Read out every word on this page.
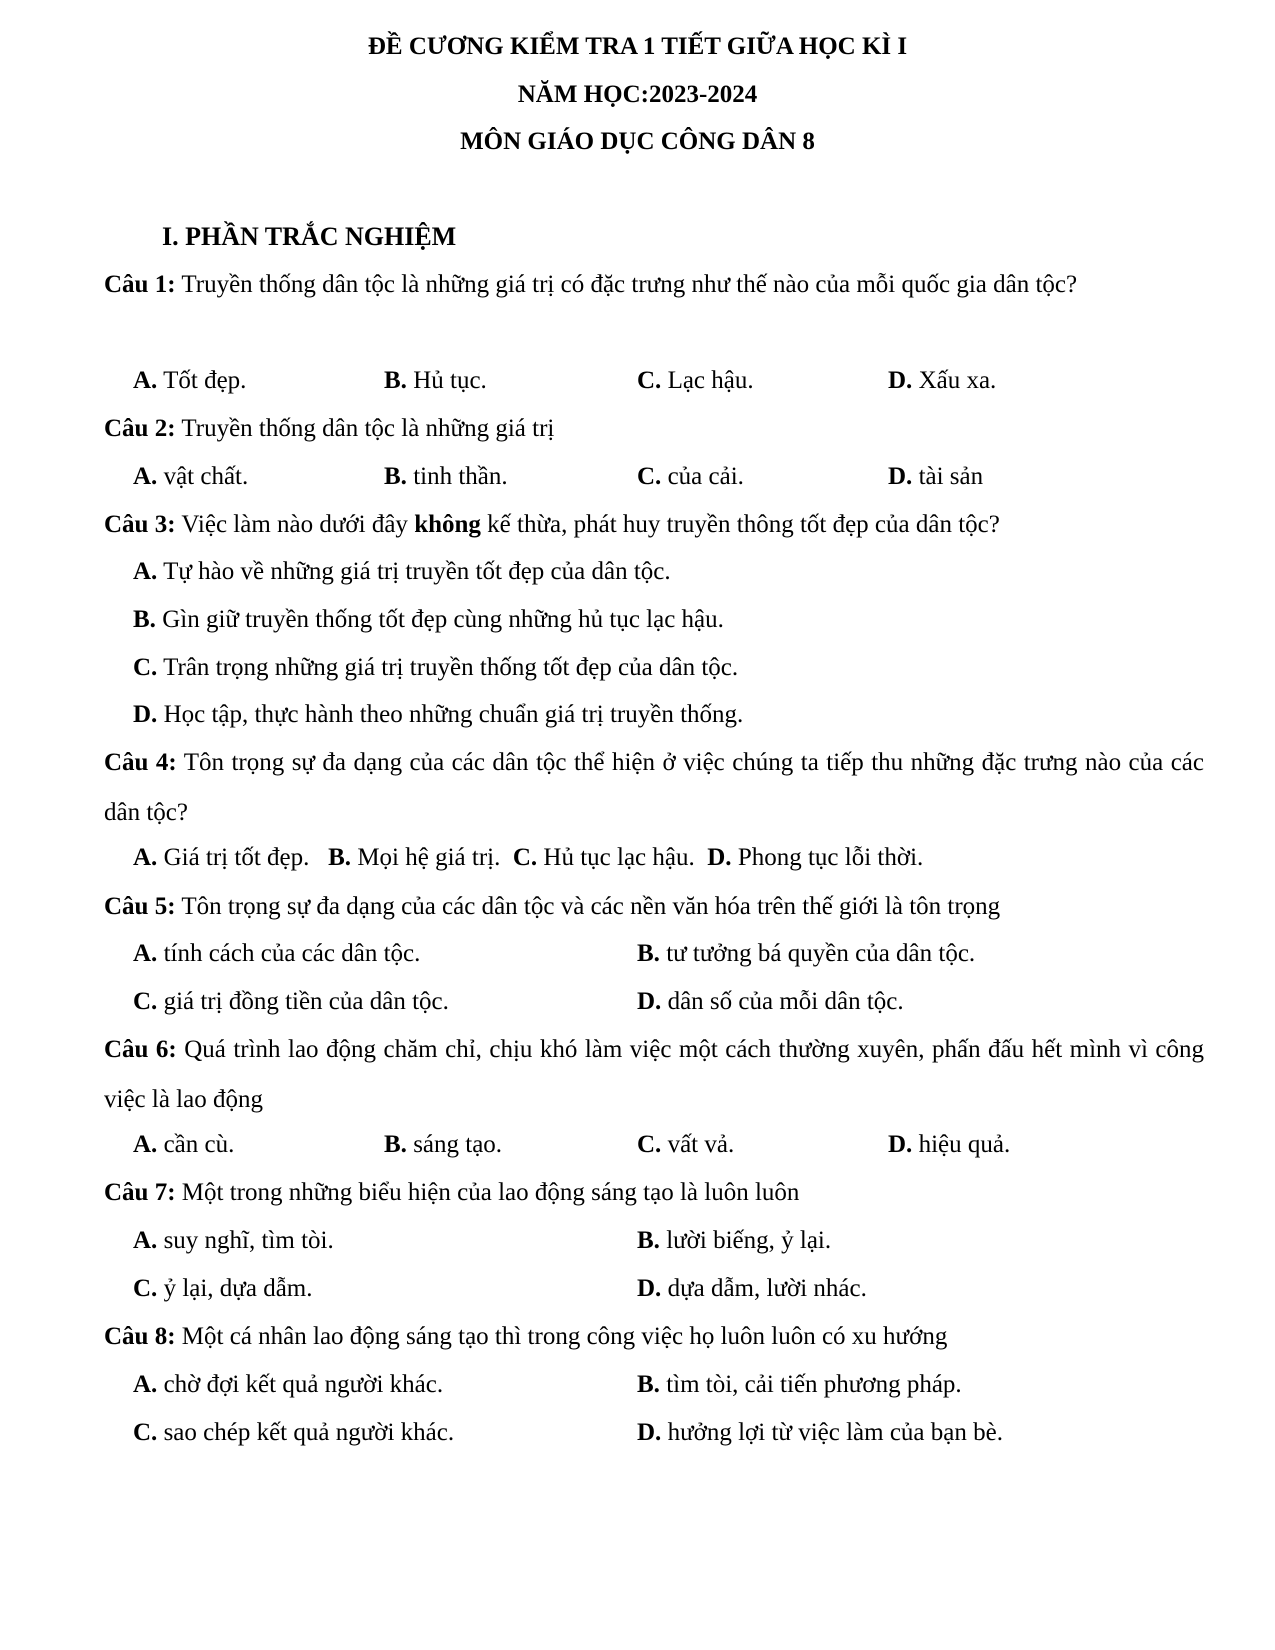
ĐỀ CƯƠNG KIỂM TRA 1 TIẾT GIỮA HỌC KÌ I
NĂM HỌC:2023-2024
MÔN GIÁO DỤC CÔNG DÂN 8
I. PHẦN TRẮC NGHIỆM
Câu 1: Truyền thống dân tộc là những giá trị có đặc trưng như thế nào của mỗi quốc gia dân tộc?
A. Tốt đẹp.	B. Hủ tục.	C. Lạc hậu.	D. Xấu xa.
Câu 2: Truyền thống dân tộc là những giá trị
A. vật chất.	B. tinh thần.	C. của cải.	D. tài sản
Câu 3: Việc làm nào dưới đây không kế thừa, phát huy truyền thông tốt đẹp của dân tộc?
A. Tự hào về những giá trị truyền tốt đẹp của dân tộc.
B. Gìn giữ truyền thống tốt đẹp cùng những hủ tục lạc hậu.
C. Trân trọng những giá trị truyền thống tốt đẹp của dân tộc.
D. Học tập, thực hành theo những chuẩn giá trị truyền thống.
Câu 4: Tôn trọng sự đa dạng của các dân tộc thể hiện ở việc chúng ta tiếp thu những đặc trưng nào của các dân tộc?
A. Giá trị tốt đẹp.   B. Mọi hệ giá trị.  C. Hủ tục lạc hậu.  D. Phong tục lỗi thời.
Câu 5: Tôn trọng sự đa dạng của các dân tộc và các nền văn hóa trên thế giới là tôn trọng
A. tính cách của các dân tộc.	B. tư tưởng bá quyền của dân tộc.
C. giá trị đồng tiền của dân tộc.	D. dân số của mỗi dân tộc.
Câu 6: Quá trình lao động chăm chỉ, chịu khó làm việc một cách thường xuyên, phấn đấu hết mình vì công việc là lao động
A. cần cù.	B. sáng tạo.	C. vất vả.	D. hiệu quả.
Câu 7: Một trong những biểu hiện của lao động sáng tạo là luôn luôn
A. suy nghĩ, tìm tòi.	B. lười biếng, ỷ lại.
C. ỷ lại, dựa dẫm.	D. dựa dẫm, lười nhác.
Câu 8: Một cá nhân lao động sáng tạo thì trong công việc họ luôn luôn có xu hướng
A. chờ đợi kết quả người khác.	B. tìm tòi, cải tiến phương pháp.
C. sao chép kết quả người khác.	D. hưởng lợi từ việc làm của bạn bè.
